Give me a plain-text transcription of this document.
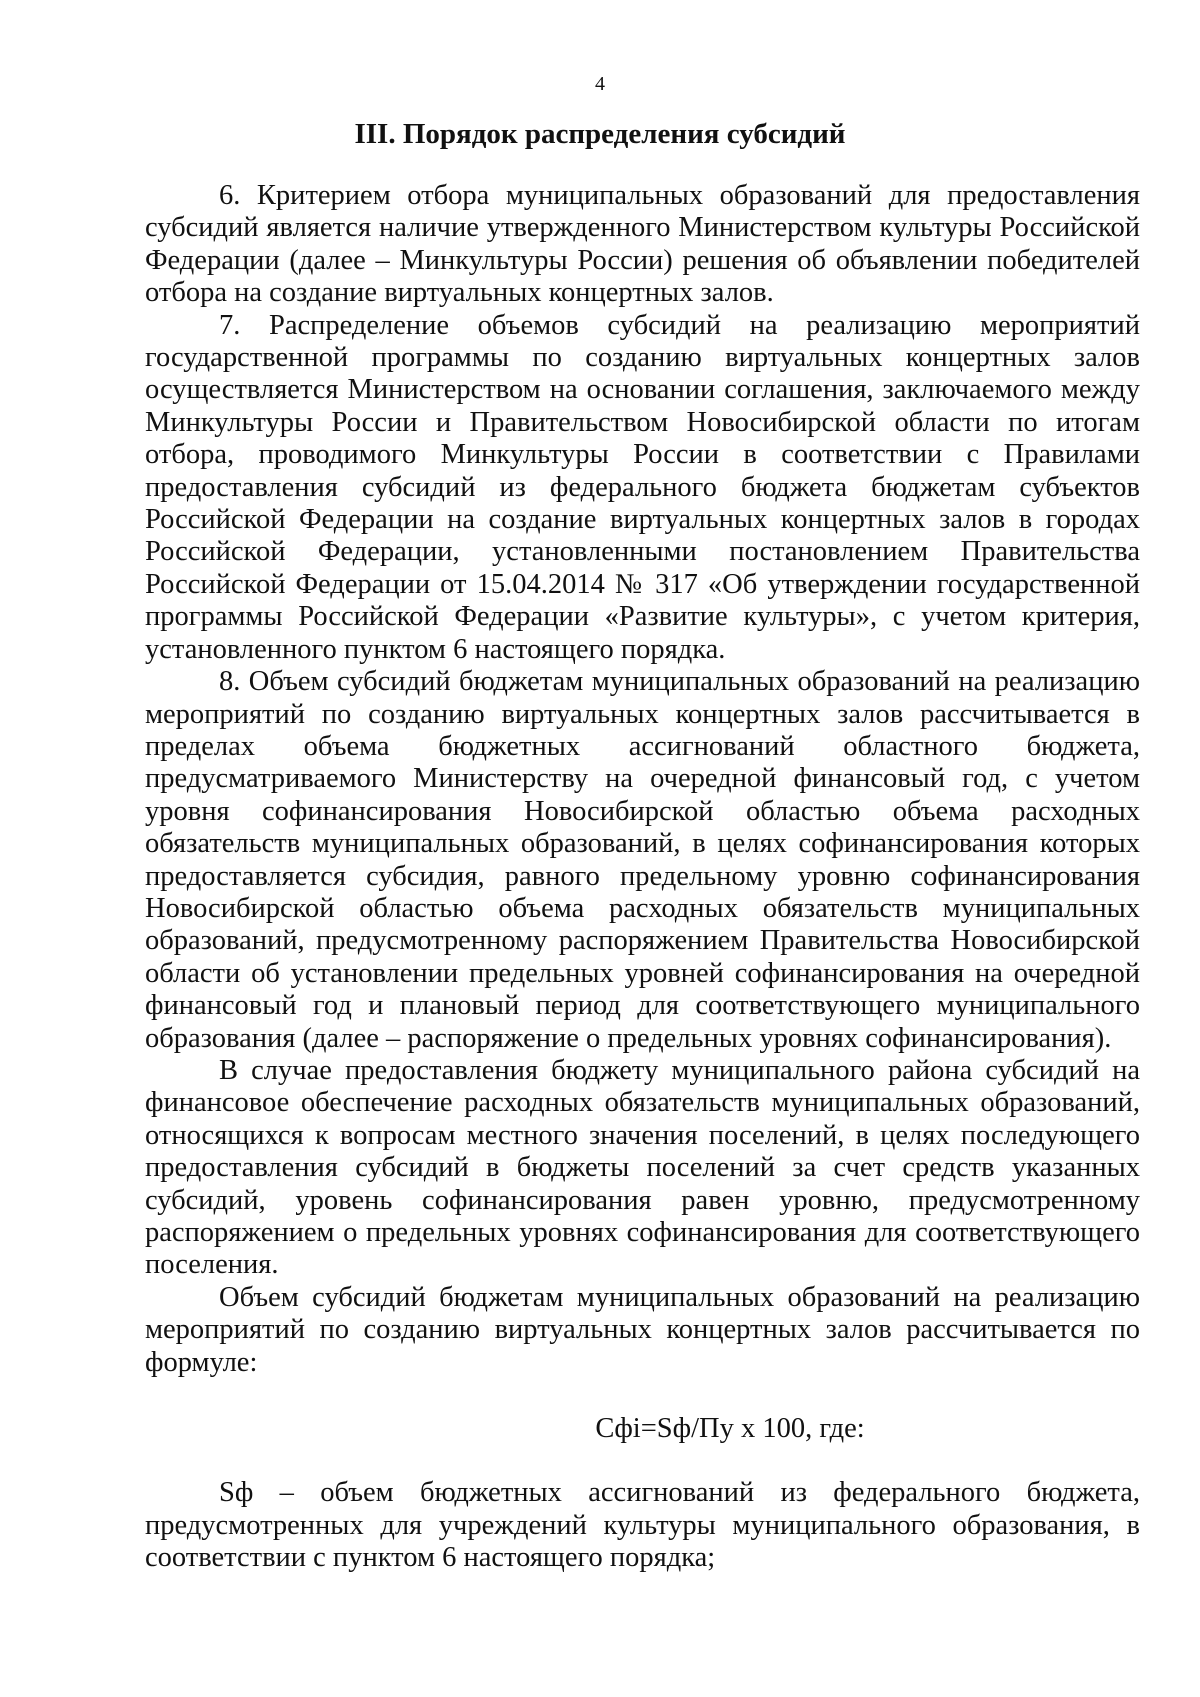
4
III. Порядок распределения субсидий

6. Критерием отбора муниципальных образований для предоставления субсидий является наличие утвержденного Министерством культуры Российской Федерации (далее – Минкультуры России) решения об объявлении победителей отбора на создание виртуальных концертных залов.

7. Распределение объемов субсидий на реализацию мероприятий государственной программы по созданию виртуальных концертных залов осуществляется Министерством на основании соглашения, заключаемого между Минкультуры России и Правительством Новосибирской области по итогам отбора, проводимого Минкультуры России в соответствии с Правилами предоставления субсидий из федерального бюджета бюджетам субъектов Российской Федерации на создание виртуальных концертных залов в городах Российской Федерации, установленными постановлением Правительства Российской Федерации от 15.04.2014 № 317 «Об утверждении государственной программы Российской Федерации «Развитие культуры», с учетом критерия, установленного пунктом 6 настоящего порядка.

8. Объем субсидий бюджетам муниципальных образований на реализацию мероприятий по созданию виртуальных концертных залов рассчитывается в пределах объема бюджетных ассигнований областного бюджета, предусматриваемого Министерству на очередной финансовый год, с учетом уровня софинансирования Новосибирской областью объема расходных обязательств муниципальных образований, в целях софинансирования которых предоставляется субсидия, равного предельному уровню софинансирования Новосибирской областью объема расходных обязательств муниципальных образований, предусмотренному распоряжением Правительства Новосибирской области об установлении предельных уровней софинансирования на очередной финансовый год и плановый период для соответствующего муниципального образования (далее – распоряжение о предельных уровнях софинансирования).

В случае предоставления бюджету муниципального района субсидий на финансовое обеспечение расходных обязательств муниципальных образований, относящихся к вопросам местного значения поселений, в целях последующего предоставления субсидий в бюджеты поселений за счет средств указанных субсидий, уровень софинансирования равен уровню, предусмотренному распоряжением о предельных уровнях софинансирования для соответствующего поселения.

Объем субсидий бюджетам муниципальных образований на реализацию мероприятий по созданию виртуальных концертных залов рассчитывается по формуле:

Сфi=Sф/Пу х 100, где:

Sф – объем бюджетных ассигнований из федерального бюджета, предусмотренных для учреждений культуры муниципального образования, в соответствии с пунктом 6 настоящего порядка;
